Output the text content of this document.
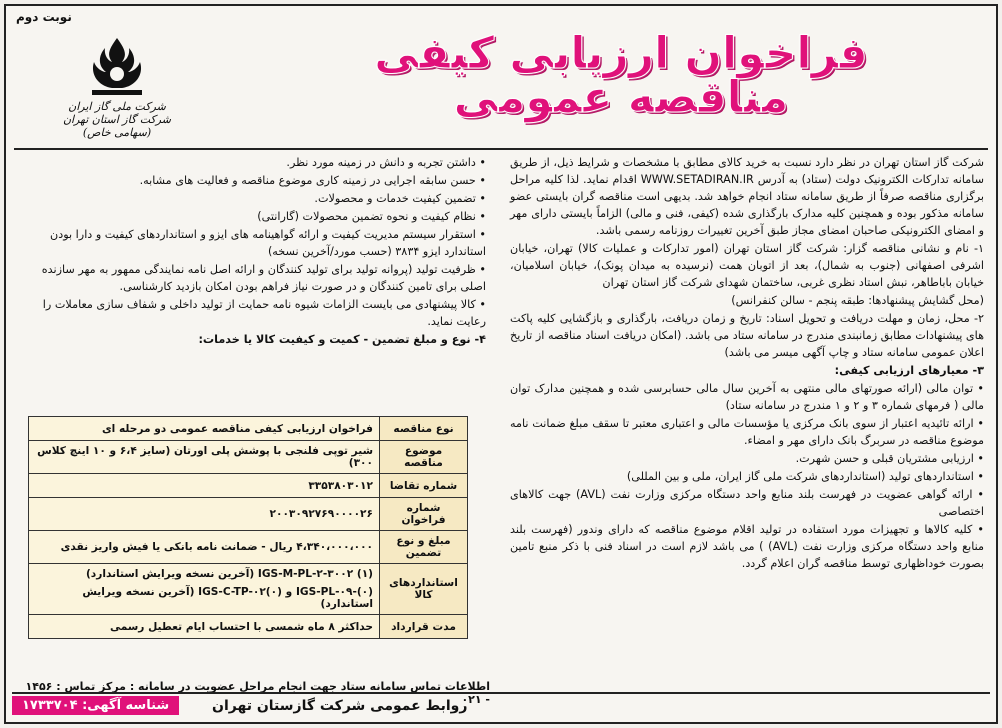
نوبت دوم
فراخوان ارزیابی کیفی مناقصه عمومی
شرکت ملی گاز ایران
شرکت گاز استان تهران (سهامی خاص)

شرکت گاز استان تهران در نظر دارد نسبت به خرید کالای مطابق با مشخصات و شرایط ذیل، از طریق سامانه تدارکات الکترونیک دولت (ستاد) به آدرس WWW.SETADIRAN.IR اقدام نماید. لذا کلیه مراحل برگزاری مناقصه صرفاً از طریق سامانه ستاد انجام خواهد شد. بدیهی است مناقصه گران بایستی عضو سامانه مذکور بوده و همچنین کلیه مدارک بارگذاری شده (کیفی، فنی و مالی) الزاماً بایستی دارای مهر و امضای الکترونیکی صاحبان امضای مجاز طبق آخرین تغییرات روزنامه رسمی باشد.

۱- نام و نشانی مناقصه گزار: شرکت گاز استان تهران (امور تدارکات و عملیات کالا) تهران، خیابان اشرفی اصفهانی (جنوب به شمال)، بعد از اتوبان همت (نرسیده به میدان پونک)، خیابان اسلامیان، خیابان باباطاهر، نبش استاد نظری غربی، ساختمان شهدای شرکت گاز استان تهران

(محل گشایش پیشنهادها: طبقه پنجم - سالن کنفرانس)

۲- محل، زمان و مهلت دریافت و تحویل اسناد: تاریخ و زمان دریافت، بارگذاری و بازگشایی کلیه پاکت های پیشنهادات مطابق زمانبندی مندرج در سامانه ستاد می باشد. (امکان دریافت اسناد مناقصه از تاریخ اعلان عمومی سامانه ستاد و چاپ آگهی میسر می باشد)

۳- معیارهای ارزیابی کیفی:

• توان مالی (ارائه صورتهای مالی منتهی به آخرین سال مالی حسابرسی شده و همچنین مدارک توان مالی ( فرمهای شماره ۳ و ۲ و ۱ مندرج در سامانه ستاد)

• ارائه تائیدیه اعتبار از سوی بانک مرکزی یا مؤسسات مالی و اعتباری معتبر تا سقف مبلغ ضمانت نامه موضوع مناقصه در سربرگ بانک دارای مهر و امضاء.

• ارزیابی مشتریان قبلی و حسن شهرت.

• استانداردهای تولید (استانداردهای شرکت ملی گاز ایران، ملی و بین المللی)

• ارائه گواهی عضویت در فهرست بلند منابع واحد دستگاه مرکزی وزارت نفت (AVL) جهت کالاهای اختصاصی

• کلیه کالاها و تجهیزات مورد استفاده در تولید اقلام موضوع مناقصه که دارای وندور (فهرست بلند منابع واحد دستگاه مرکزی وزارت نفت (AVL) ) می باشد لازم است در اسناد فنی با ذکر منبع تامین بصورت خوداظهاری توسط مناقصه گران اعلام گردد.

• داشتن تجربه و دانش در زمینه مورد نظر.

• حسن سابقه اجرایی در زمینه کاری موضوع مناقصه و فعالیت های مشابه.

• تضمین کیفیت خدمات و محصولات.

• نظام کیفیت و نحوه تضمین محصولات (گارانتی)

• استقرار سیستم مدیریت کیفیت و ارائه گواهینامه های ایزو و استانداردهای کیفیت و دارا بودن استاندارد ایزو ۳۸۳۴ (حسب مورد/آخرین نسخه)

• ظرفیت تولید (پروانه تولید برای تولید کنندگان و ارائه اصل نامه نمایندگی ممهور به مهر سازنده اصلی برای تامین کنندگان و در صورت نیاز فراهم بودن امکان بازدید کارشناسی.

• کالا پیشنهادی می بایست الزامات شیوه نامه حمایت از تولید داخلی و شفاف سازی معاملات را رعایت نماید.

۴- نوع و مبلغ تضمین - کمیت و کیفیت کالا یا خدمات:

نوع مناقصه	فراخوان ارزیابی کیفی مناقصه عمومی دو مرحله ای
موضوع مناقصه	شیر توپی فلنجی با پوشش پلی اورتان (سایز ۶،۴ و ۱۰ اینچ کلاس ۳۰۰)
شماره تقاضا	۳۳۵۳۸۰۳۰۱۲
شماره فراخوان	۲۰۰۳۰۹۲۷۶۹۰۰۰۰۲۶
مبلغ و نوع تضمین	۴،۳۴۰،۰۰۰،۰۰۰ ریال - ضمانت نامه بانکی یا فیش واریز نقدی
استانداردهای کالا	IGS-M-PL-۲-۳۰۰۲ (۱) (آخرین نسخه ویرایش استاندارد)
IGS-PL-۰۹-(۰) و IGS-C-TP-۰۲(۰) (آخرین نسخه ویرایش استاندارد)

مدت قرارداد	حداکثر ۸ ماه شمسی با احتساب ایام تعطیل رسمی
اطلاعات تماس سامانه ستاد جهت انجام مراحل عضویت در سامانه : مرکز تماس : ۱۴۵۶ - ۰۲۱
شناسه آگهی: ۱۷۳۳۷۰۴	روابط عمومی شرکت گازستان تهران
